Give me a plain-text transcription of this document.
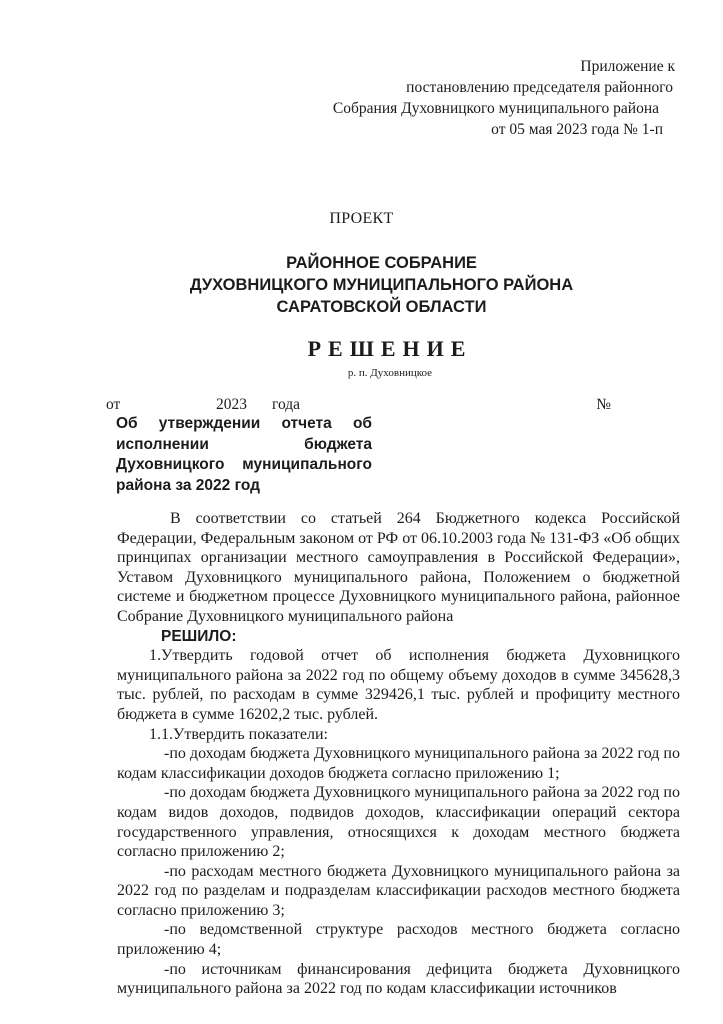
Приложение к
постановлению председателя районного
Собрания Духовницкого муниципального района
от 05 мая 2023 года № 1-п
ПРОЕКТ
РАЙОННОЕ СОБРАНИЕ
ДУХОВНИЦКОГО МУНИЦИПАЛЬНОГО РАЙОНА
САРАТОВСКОЙ ОБЛАСТИ
РЕШЕНИЕ
р. п. Духовницкое
от	2023 года	№
Об утверждении отчета об
исполнении бюджета
Духовницкого муниципального
района за 2022 год

В соответствии со статьей 264 Бюджетного кодекса Российской Федерации, Федеральным законом от РФ от 06.10.2003 года № 131-ФЗ «Об общих принципах организации местного самоуправления в Российской Федерации», Уставом Духовницкого муниципального района, Положением о бюджетной системе и бюджетном процессе Духовницкого муниципального района, районное Собрание Духовницкого муниципального района

РЕШИЛО:

1.Утвердить годовой отчет об исполнения бюджета Духовницкого муниципального района за 2022 год по общему объему доходов в сумме 345628,3 тыс. рублей, по расходам в сумме 329426,1 тыс. рублей и профициту местного бюджета в сумме 16202,2 тыс. рублей.

1.1.Утвердить показатели:

-по доходам бюджета Духовницкого муниципального района за 2022 год по кодам классификации доходов бюджета согласно приложению 1;

-по доходам бюджета Духовницкого муниципального района за 2022 год по кодам видов доходов, подвидов доходов, классификации операций сектора государственного управления, относящихся к доходам местного бюджета согласно приложению 2;

-по расходам местного бюджета Духовницкого муниципального района за 2022 год по разделам и подразделам классификации расходов местного бюджета согласно приложению 3;

-по ведомственной структуре расходов местного бюджета согласно приложению 4;

-по источникам финансирования дефицита бюджета Духовницкого муниципального района за 2022 год по кодам классификации источников
